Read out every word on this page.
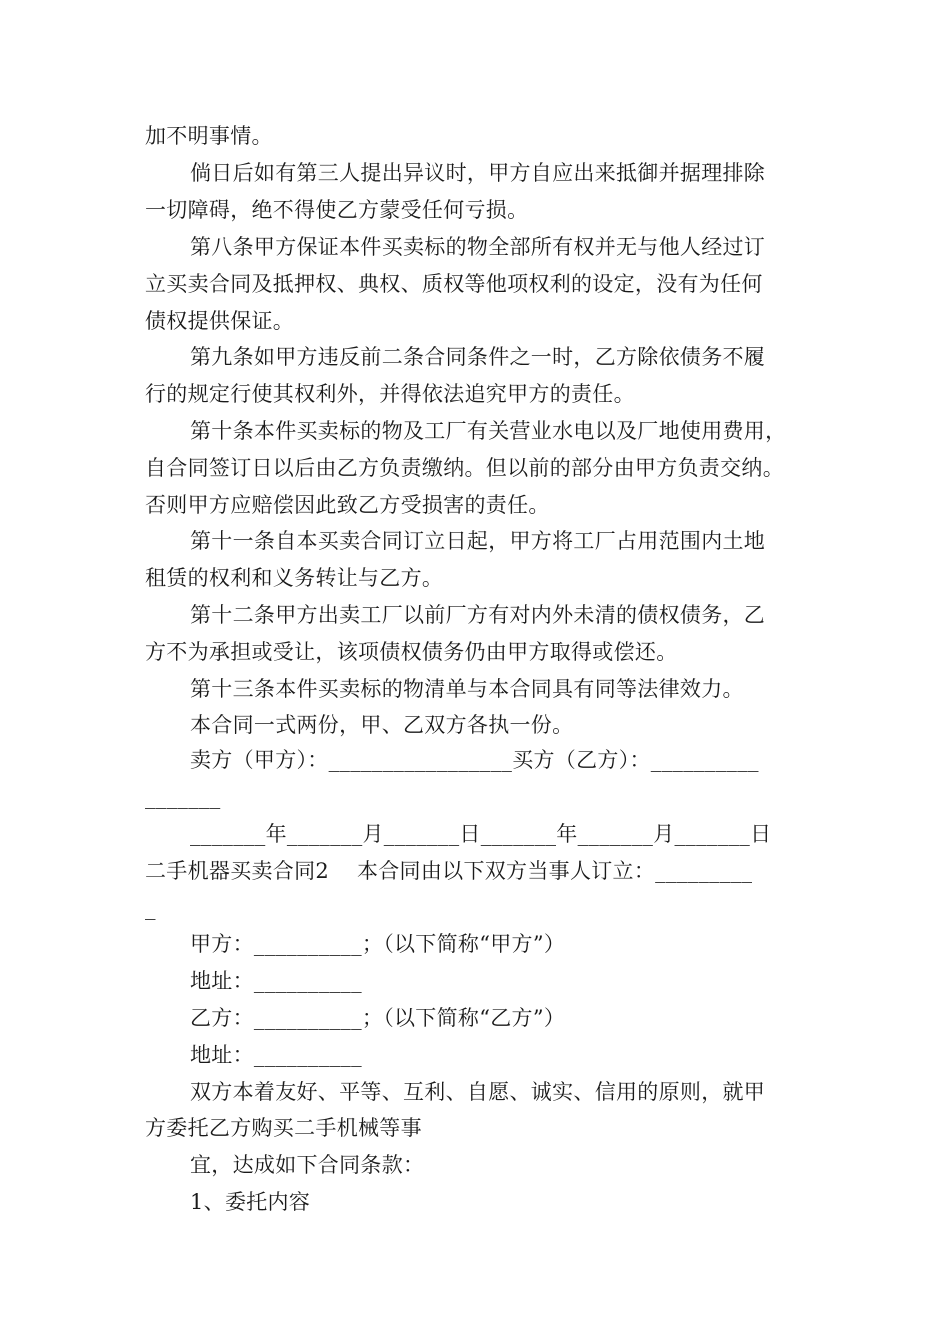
加不明事情。
倘日后如有第三人提出异议时，甲方自应出来抵御并据理排除
一切障碍，绝不得使乙方蒙受任何亏损。
第八条甲方保证本件买卖标的物全部所有权并无与他人经过订
立买卖合同及抵押权、典权、质权等他项权利的设定，没有为任何
债权提供保证。
第九条如甲方违反前二条合同条件之一时，乙方除依债务不履
行的规定行使其权利外，并得依法追究甲方的责任。
第十条本件买卖标的物及工厂有关营业水电以及厂地使用费用，
自合同签订日以后由乙方负责缴纳。但以前的部分由甲方负责交纳。
否则甲方应赔偿因此致乙方受损害的责任。
第十一条自本买卖合同订立日起，甲方将工厂占用范围内土地
租赁的权利和义务转让与乙方。
第十二条甲方出卖工厂以前厂方有对内外未清的债权债务，乙
方不为承担或受让，该项债权债务仍由甲方取得或偿还。
第十三条本件买卖标的物清单与本合同具有同等法律效力。
本合同一式两份，甲、乙双方各执一份。
卖方（甲方）：_________________买方（乙方）：__________
_______
_______年_______月_______日_______年_______月_______日
二手机器买卖合同2    本合同由以下双方当事人订立：_________
_
甲方：__________；（以下简称“甲方”）
地址：__________
乙方：__________；（以下简称“乙方”）
地址：__________
双方本着友好、平等、互利、自愿、诚实、信用的原则，就甲
方委托乙方购买二手机械等事
宜，达成如下合同条款：
1、委托内容
